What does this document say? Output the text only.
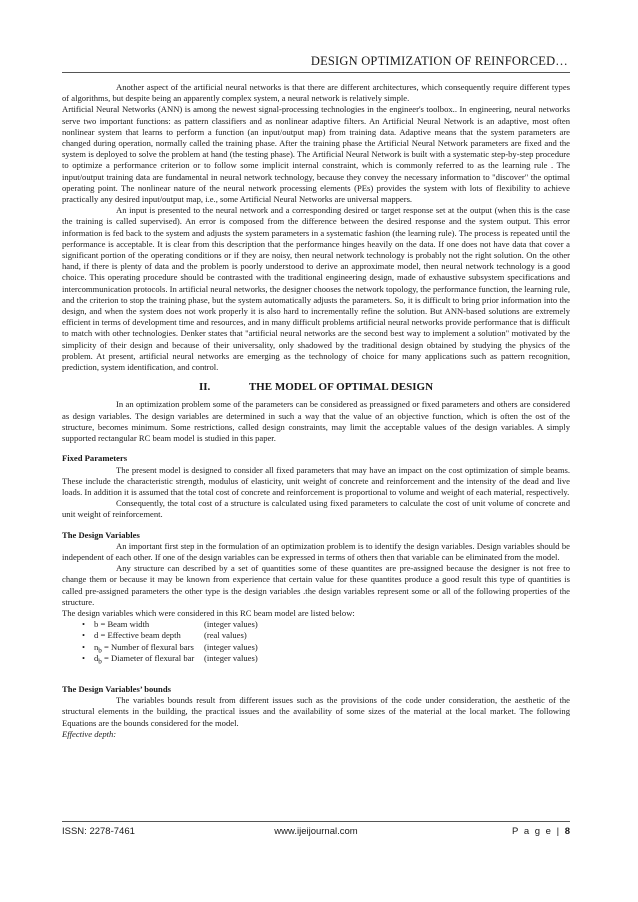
DESIGN OPTIMIZATION OF REINFORCED…

Another aspect of the artificial neural networks is that there are different architectures, which consequently require different types of algorithms, but despite being an apparently complex system, a neural network is relatively simple.

Artificial Neural Networks (ANN) is among the newest signal-processing technologies in the engineer's toolbox.. In engineering, neural networks serve two important functions: as pattern classifiers and as nonlinear adaptive filters. An Artificial Neural Network is an adaptive, most often nonlinear system that learns to perform a function (an input/output map) from training data. Adaptive means that the system parameters are changed during operation, normally called the training phase. After the training phase the Artificial Neural Network parameters are fixed and the system is deployed to solve the problem at hand (the testing phase). The Artificial Neural Network is built with a systematic step-by-step procedure to optimize a performance criterion or to follow some implicit internal constraint, which is commonly referred to as the learning rule . The input/output training data are fundamental in neural network technology, because they convey the necessary information to "discover" the optimal operating point. The nonlinear nature of the neural network processing elements (PEs) provides the system with lots of flexibility to achieve practically any desired input/output map, i.e., some Artificial Neural Networks are universal mappers.

An input is presented to the neural network and a corresponding desired or target response set at the output (when this is the case the training is called supervised). An error is composed from the difference between the desired response and the system output. This error information is fed back to the system and adjusts the system parameters in a systematic fashion (the learning rule). The process is repeated until the performance is acceptable. It is clear from this description that the performance hinges heavily on the data. If one does not have data that cover a significant portion of the operating conditions or if they are noisy, then neural network technology is probably not the right solution. On the other hand, if there is plenty of data and the problem is poorly understood to derive an approximate model, then neural network technology is a good choice. This operating procedure should be contrasted with the traditional engineering design, made of exhaustive subsystem specifications and intercommunication protocols. In artificial neural networks, the designer chooses the network topology, the performance function, the learning rule, and the criterion to stop the training phase, but the system automatically adjusts the parameters. So, it is difficult to bring prior information into the design, and when the system does not work properly it is also hard to incrementally refine the solution. But ANN-based solutions are extremely efficient in terms of development time and resources, and in many difficult problems artificial neural networks provide performance that is difficult to match with other technologies. Denker states that "artificial neural networks are the second best way to implement a solution" motivated by the simplicity of their design and because of their universality, only shadowed by the traditional design obtained by studying the physics of the problem. At present, artificial neural networks are emerging as the technology of choice for many applications such as pattern recognition, prediction, system identification, and control.

II.	THE MODEL OF OPTIMAL DESIGN

In an optimization problem some of the parameters can be considered as preassigned or fixed parameters and others are considered as design variables. The design variables are determined in such a way that the value of an objective function, which is often the ost of the structure, becomes minimum. Some restrictions, called design constraints, may limit the acceptable values of the design variables. A simply supported rectangular RC beam model is studied in this paper.

Fixed Parameters

The present model is designed to consider all fixed parameters that may have an impact on the cost optimization of simple beams. These include the characteristic strength, modulus of elasticity, unit weight of concrete and reinforcement and the intensity of the dead and live loads. In addition it is assumed that the total cost of concrete and reinforcement is proportional to volume and weight of each material, respectively.

Consequently, the total cost of a structure is calculated using fixed parameters to calculate the cost of unit volume of concrete and unit weight of reinforcement.

The Design Variables

An important first step in the formulation of an optimization problem is to identify the design variables. Design variables should be independent of each other. If one of the design variables can be expressed in terms of others then that variable can be eliminated from the model.

Any structure can described by a set of quantities some of these quantites are pre-assigned because the designer is not free to change them or because it may be known from experience that certain value for these quantites produce a good result this type of quantities is called pre-assigned parameters the other type is the design variables .the design variables represent some or all of the following properties of the structure.

The design variables which were considered in this RC beam model are listed below:

• b = Beam width	(integer values)
• d = Effective beam depth	(real values)
• $n_b$ = Number of flexural bars (integer values)
• $d_b$ = Diameter of flexural bar (integer values)
The Design Variables’ bounds

The variables bounds result from different issues such as the provisions of the code under consideration, the aesthetic of the structural elements in the building, the practical issues and the availability of some sizes of the material at the local market. The following Equations are the bounds considered for the model.

Effective depth:

ISSN: 2278-7461	www.ijeijournal.com	P a g e | 8
